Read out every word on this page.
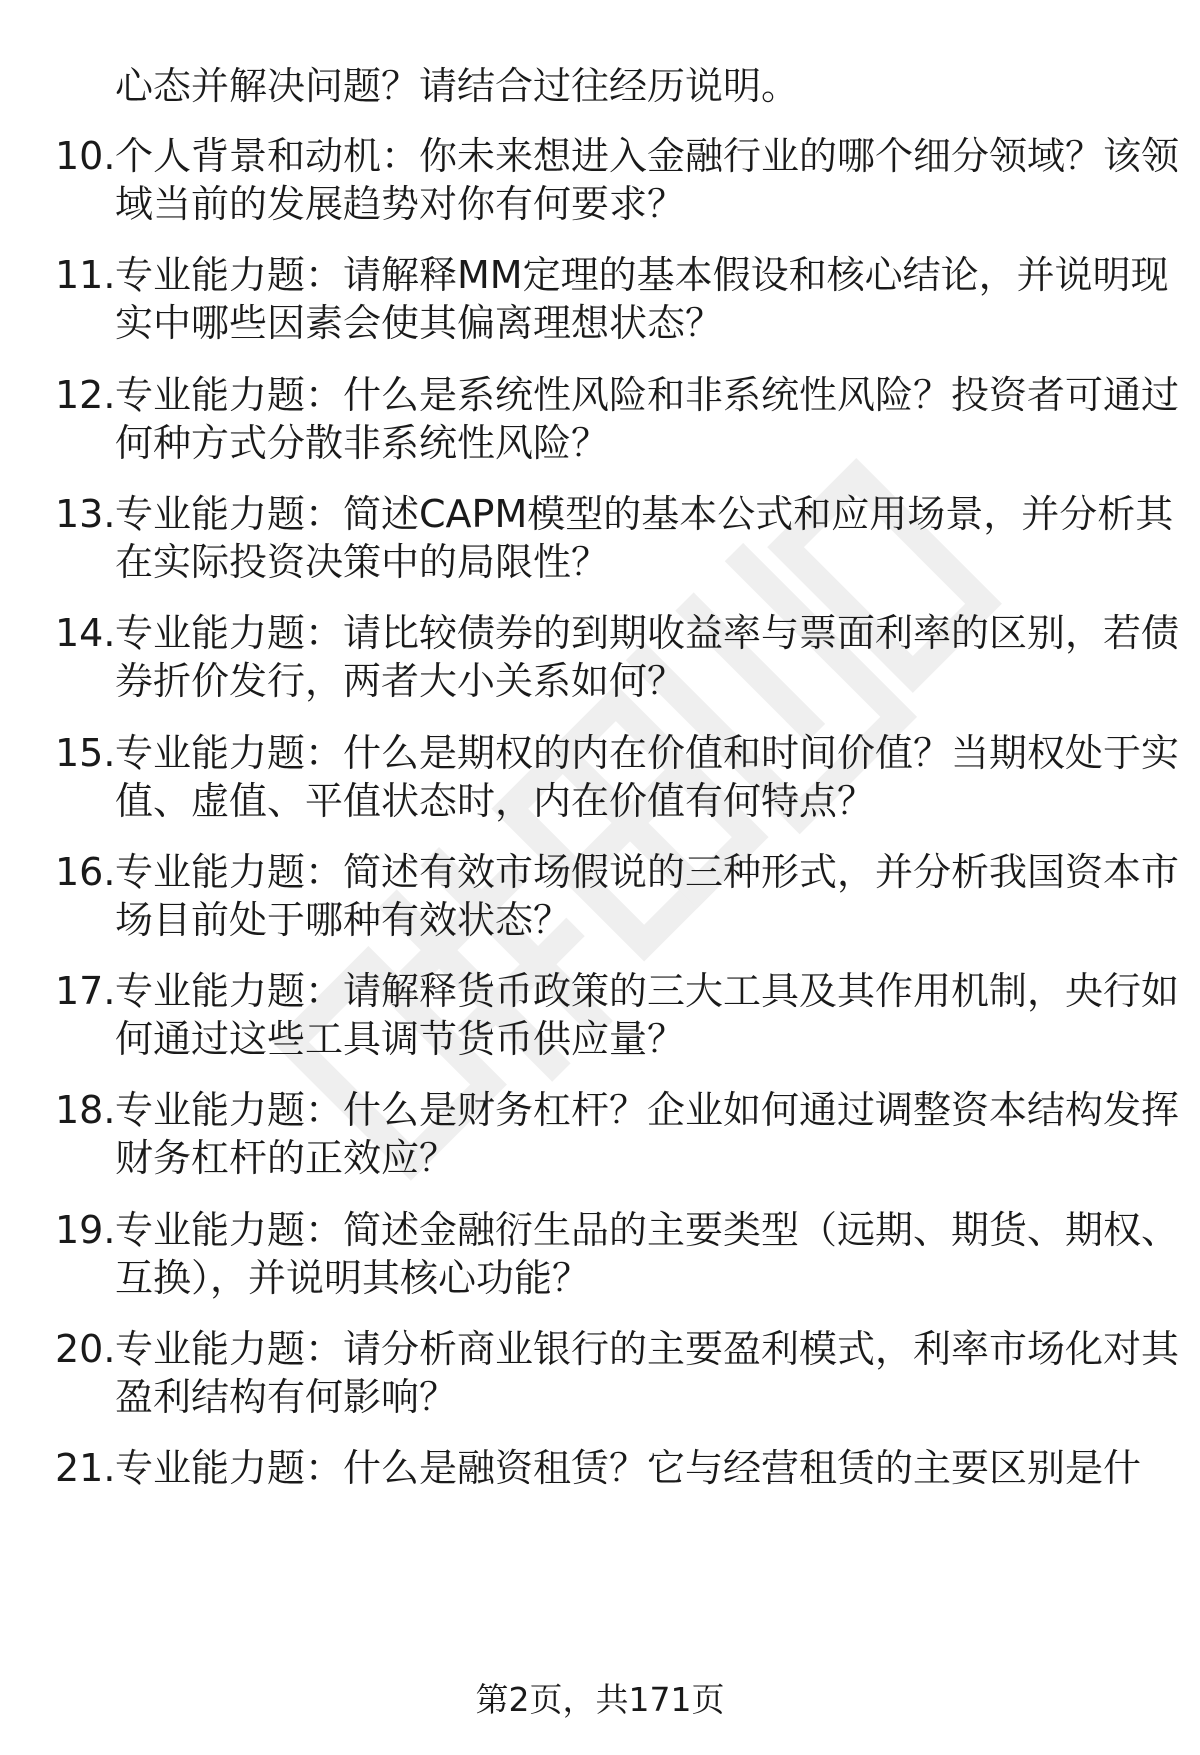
心态并解决问题？请结合过往经历说明。
10. 个人背景和动机：你未来想进入金融行业的哪个细分领域？该领
域当前的发展趋势对你有何要求？
11. 专业能力题：请解释MM定理的基本假设和核心结论，并说明现
实中哪些因素会使其偏离理想状态？
12. 专业能力题：什么是系统性风险和非系统性风险？投资者可通过
何种方式分散非系统性风险？
13. 专业能力题：简述CAPM模型的基本公式和应用场景，并分析其
在实际投资决策中的局限性？
14. 专业能力题：请比较债券的到期收益率与票面利率的区别，若债
券折价发行，两者大小关系如何？
15. 专业能力题：什么是期权的内在价值和时间价值？当期权处于实
值、虚值、平值状态时，内在价值有何特点？
16. 专业能力题：简述有效市场假说的三种形式，并分析我国资本市
场目前处于哪种有效状态？
17. 专业能力题：请解释货币政策的三大工具及其作用机制，央行如
何通过这些工具调节货币供应量？
18. 专业能力题：什么是财务杠杆？企业如何通过调整资本结构发挥
财务杠杆的正效应？
19. 专业能力题：简述金融衍生品的主要类型（远期、期货、期权、
互换），并说明其核心功能？
20. 专业能力题：请分析商业银行的主要盈利模式，利率市场化对其
盈利结构有何影响？
21. 专业能力题：什么是融资租赁？它与经营租赁的主要区别是什
第2页，共171页
